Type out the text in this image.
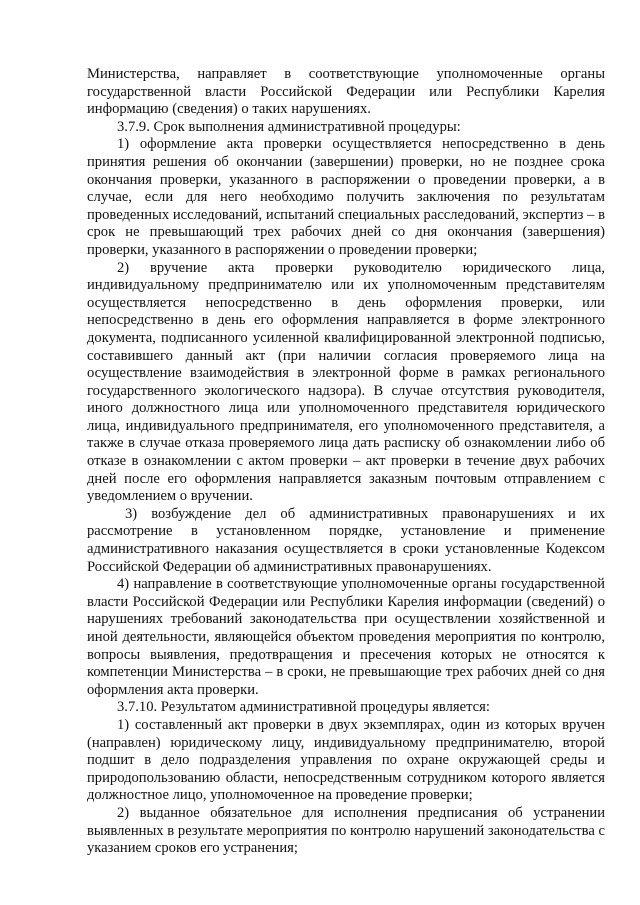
Министерства, направляет в соответствующие уполномоченные органы государственной власти Российской Федерации или Республики Карелия информацию (сведения) о таких нарушениях.

3.7.9. Срок выполнения административной процедуры:

1) оформление акта проверки осуществляется непосредственно в день принятия решения об окончании (завершении) проверки, но не позднее срока окончания проверки, указанного в распоряжении о проведении проверки, а в случае, если для него необходимо получить заключения по результатам проведенных исследований, испытаний специальных расследований, экспертиз – в срок не превышающий трех рабочих дней со дня окончания (завершения) проверки, указанного в распоряжении о проведении проверки;

2) вручение акта проверки руководителю юридического лица, индивидуальному предпринимателю или их уполномоченным представителям осуществляется непосредственно в день оформления проверки, или непосредственно в день его оформления направляется в форме электронного документа, подписанного усиленной квалифицированной электронной подписью, составившего данный акт (при наличии согласия проверяемого лица на осуществление взаимодействия в электронной форме в рамках регионального государственного экологического надзора). В случае отсутствия руководителя, иного должностного лица или уполномоченного представителя юридического лица, индивидуального предпринимателя, его уполномоченного представителя, а также в случае отказа проверяемого лица дать расписку об ознакомлении либо об отказе в ознакомлении с актом проверки – акт проверки в течение двух рабочих дней после его оформления направляется заказным почтовым отправлением с уведомлением о вручении.

3) возбуждение дел об административных правонарушениях и их рассмотрение в установленном порядке, установление и применение административного наказания осуществляется в сроки установленные Кодексом Российской Федерации об административных правонарушениях.

4) направление в соответствующие уполномоченные органы государственной власти Российской Федерации или Республики Карелия информации (сведений) о нарушениях требований законодательства при осуществлении хозяйственной и иной деятельности, являющейся объектом проведения мероприятия по контролю, вопросы выявления, предотвращения и пресечения которых не относятся к компетенции Министерства – в сроки, не превышающие трех рабочих дней со дня оформления акта проверки.

3.7.10. Результатом административной процедуры является:

1) составленный акт проверки в двух экземплярах, один из которых вручен (направлен) юридическому лицу, индивидуальному предпринимателю, второй подшит в дело подразделения управления по охране окружающей среды и природопользованию области, непосредственным сотрудником которого является должностное лицо, уполномоченное на проведение проверки;

2) выданное обязательное для исполнения предписания об устранении выявленных в результате мероприятия по контролю нарушений законодательства с указанием сроков его устранения;
